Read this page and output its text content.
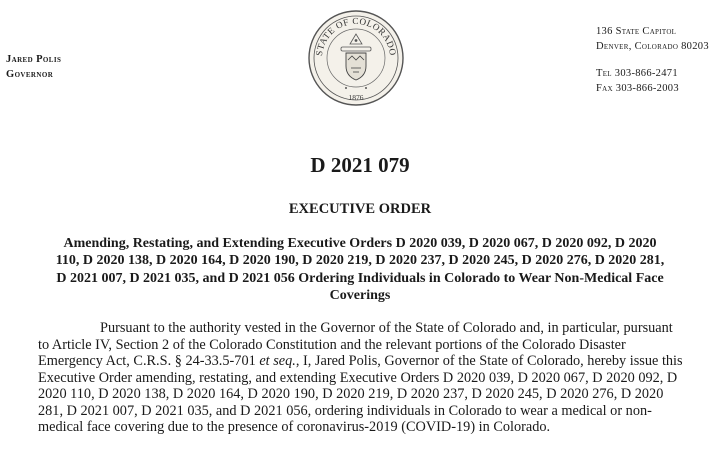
Jared Polis
Governor
STATE OF COLORADO
1876
136 State Capitol
Denver, Colorado 80203
Tel 303-866-2471
Fax 303-866-2003
D 2021 079
EXECUTIVE ORDER
Amending, Restating, and Extending Executive Orders D 2020 039, D 2020 067, D 2020 092, D 2020 110, D 2020 138, D 2020 164, D 2020 190, D 2020 219, D 2020 237, D 2020 245, D 2020 276, D 2020 281, D 2021 007, D 2021 035, and D 2021 056 Ordering Individuals in Colorado to Wear Non-Medical Face Coverings

Pursuant to the authority vested in the Governor of the State of Colorado and, in particular, pursuant to Article IV, Section 2 of the Colorado Constitution and the relevant portions of the Colorado Disaster Emergency Act, C.R.S. § 24-33.5-701 et seq., I, Jared Polis, Governor of the State of Colorado, hereby issue this Executive Order amending, restating, and extending Executive Orders D 2020 039, D 2020 067, D 2020 092, D 2020 110, D 2020 138, D 2020 164, D 2020 190, D 2020 219, D 2020 237, D 2020 245, D 2020 276, D 2020 281, D 2021 007, D 2021 035, and D 2021 056, ordering individuals in Colorado to wear a medical or non-medical face covering due to the presence of coronavirus-2019 (COVID-19) in Colorado.
